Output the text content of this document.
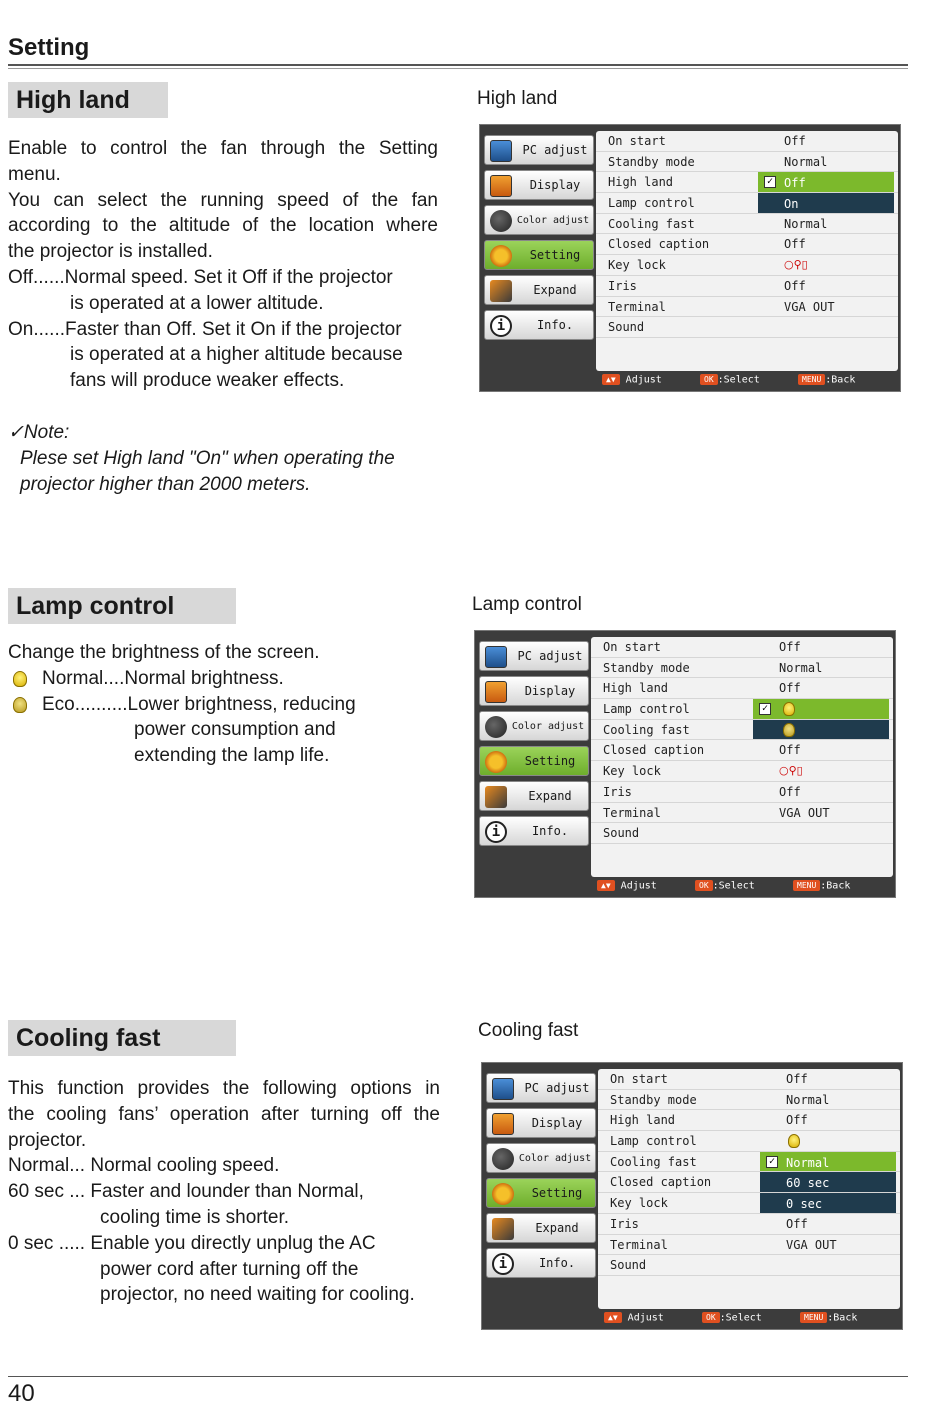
Setting
High land	High land

Enable to control the fan through the Setting

menu.

You can select the running speed of the fan

according to the altitude of the location where

the projector is installed.

Off......Normal speed. Set it Off if the projector

is operated at a lower altitude.

On......Faster than Off. Set it On if the projector

is operated at a higher altitude because

fans will produce weaker effects.

✓Note:

Plese set High land "On" when operating the

projector higher than 2000 meters.

PC adjust
Display
Color adjust
Setting
Expand
i	Info.
On start	Off
Standby mode	Normal
High land	✓ Off
Lamp control	On
Cooling fast	Normal
Closed caption	Off
Key lock	○⚲▯
Iris	Off
Terminal	VGA OUT
Sound
▲▼ Adjust	OK :Select	MENU :Back
Lamp control	Lamp control

Change the brightness of the screen.

Normal....Normal brightness.

Eco..........Lower brightness, reducing

power consumption and

extending the lamp life.

PC adjust
Display
Color adjust
Setting
Expand
i	Info.
On start	Off
Standby mode	Normal
High land	Off
Lamp control	✓
Cooling fast
Closed caption	Off
Key lock	○⚲▯
Iris	Off
Terminal	VGA OUT
Sound
▲▼ Adjust	OK :Select	MENU :Back
Cooling fast	Cooling fast

This function provides the following options in

the cooling fans’ operation after turning off the

projector.

Normal... Normal cooling speed.

60 sec ... Faster and lounder than Normal,

cooling time is shorter.

0 sec ..... Enable you directly unplug the AC

power cord after turning off the

projector, no need waiting for cooling.

PC adjust
Display
Color adjust
Setting
Expand
i	Info.
On start	Off
Standby mode	Normal
High land	Off
Lamp control
Cooling fast	✓ Normal
Closed caption	60 sec
Key lock	0 sec
Iris	Off
Terminal	VGA OUT
Sound
▲▼ Adjust	OK :Select	MENU :Back
40
